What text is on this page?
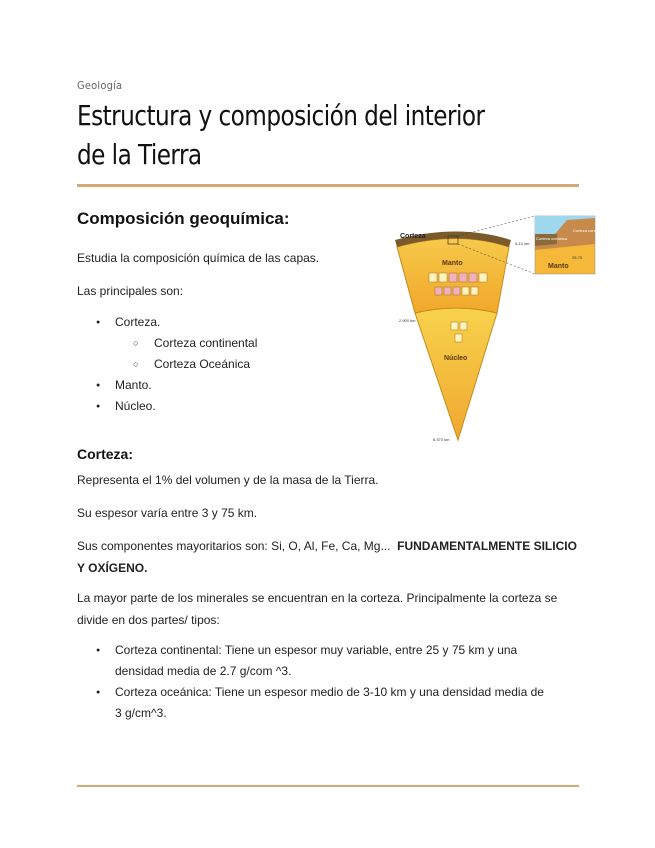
Geología
Estructura y composición del interior de la Tierra
Composición geoquímica:

Estudia la composición química de las capas.

Las principales son:

● Corteza.
○ Corteza continental
○ Corteza Oceánica
● Manto.
● Núcleo.
Corteza oceánica
Corteza continental
Manto
25-75
Corteza
Manto
Núcleo
2.900 km
6.370 km
5-10 km
Corteza:

Representa el 1% del volumen y de la masa de la Tierra.

Su espesor varía entre 3 y 75 km.

Sus componentes mayoritarios son: Si, O, Al, Fe, Ca, Mg... FUNDAMENTALMENTE SILICIO Y OXÍGENO.

La mayor parte de los minerales se encuentran en la corteza. Principalmente la corteza se divide en dos partes/ tipos:

● Corteza continental: Tiene un espesor muy variable, entre 25 y 75 km y una densidad media de 2.7 g/com ^3.
● Corteza oceánica: Tiene un espesor medio de 3-10 km y una densidad media de 3 g/cm^3.
